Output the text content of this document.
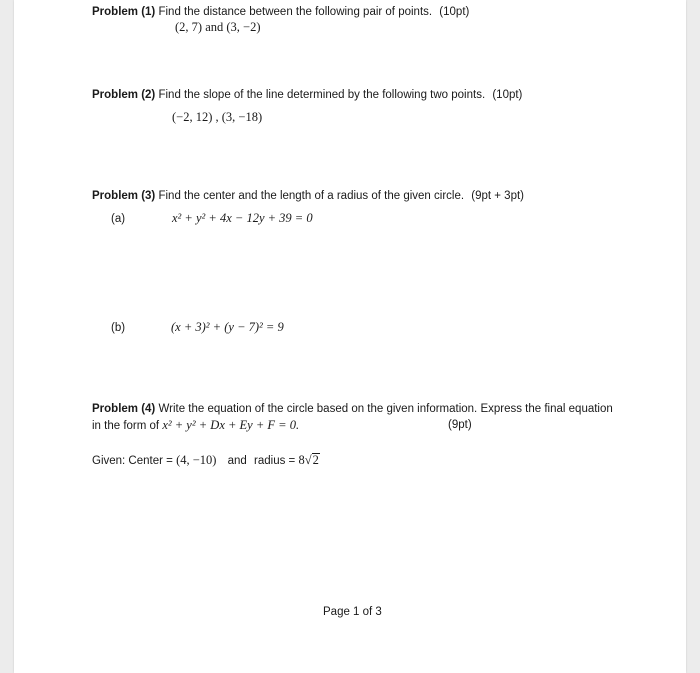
Problem (1) Find the distance between the following pair of points. (10pt)
(2, 7) and (3, −2)
Problem (2) Find the slope of the line determined by the following two points. (10pt)
(−2, 12) , (3, −18)
Problem (3) Find the center and the length of a radius of the given circle. (9pt + 3pt)
(a)	x² + y² + 4x − 12y + 39 = 0
(b)	(x + 3)² + (y − 7)² = 9
Problem (4) Write the equation of the circle based on the given information. Express the final equation
in the form of x² + y² + Dx + Ey + F = 0.	(9pt)
Given: Center = (4, −10) and radius = 8√2
Page 1 of 3
